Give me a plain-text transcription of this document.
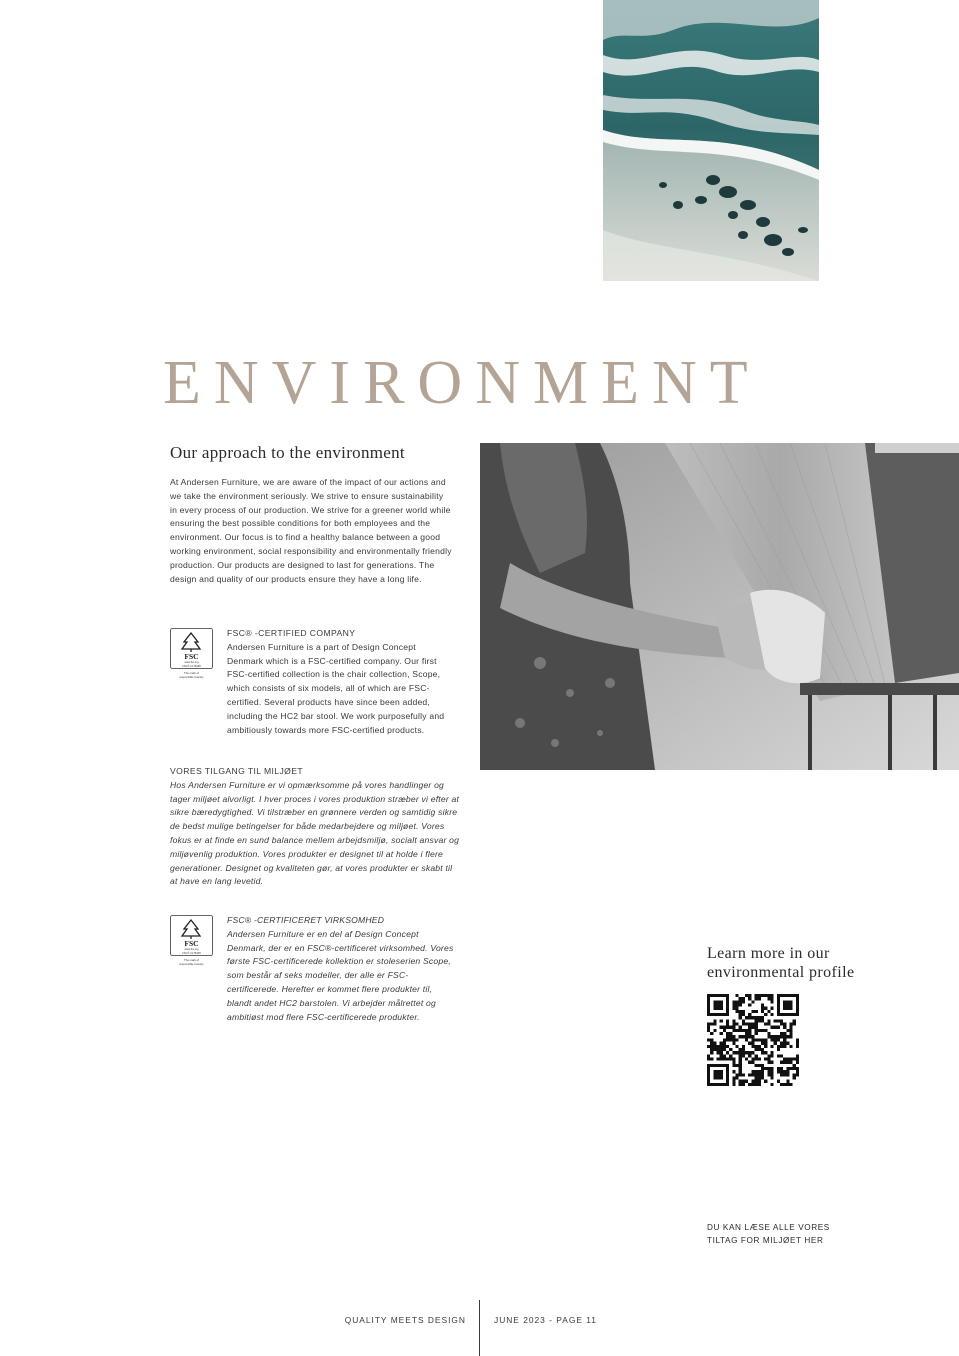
ENVIRONMENT
Our approach to the environment
At Andersen Furniture, we are aware of the impact of our actions and we take the environment seriously. We strive to ensure sustainability in every process of our production. We strive for a greener world while ensuring the best possible conditions for both employees and the environment. Our focus is to find a healthy balance between a good working environment, social responsibility and environmentally friendly production. Our products are designed to last for generations. The design and quality of our products ensure they have a long life.
FSC
www.fsc.org
FSC® C178108
The mark of
responsible forestry
FSC® -CERTIFIED COMPANY
Andersen Furniture is a part of Design Concept Denmark which is a FSC-certified company. Our first FSC-certified collection is the chair collection, Scope, which consists of six models, all of which are FSC-certified. Several products have since been added, including the HC2 bar stool. We work purposefully and ambitiously towards more FSC-certified products.
VORES TILGANG TIL MILJØET
Hos Andersen Furniture er vi opmærksomme på vores handlinger og tager miljøet alvorligt. I hver proces i vores produktion stræber vi efter at sikre bæredygtighed. Vi tilstræber en grønnere verden og samtidig sikre de bedst mulige betingelser for både medarbejdere og miljøet. Vores fokus er at finde en sund balance mellem arbejdsmiljø, socialt ansvar og miljøvenlig produktion. Vores produkter er designet til at holde i flere generationer. Designet og kvaliteten gør, at vores produkter er skabt til at have en lang levetid.
FSC
www.fsc.org
FSC® C178108
The mark of
responsible forestry
FSC® -CERTIFICERET VIRKSOMHED
Andersen Furniture er en del af Design Concept Denmark, der er en FSC®-certificeret virksomhed. Vores første FSC-certificerede kollektion er stoleserien Scope, som består af seks modeller, der alle er FSC-certificerede. Herefter er kommet flere produkter til, blandt andet HC2 barstolen. Vi arbejder målrettet og ambitiøst mod flere FSC-certificerede produkter.
Learn more in our
environmental profile
DU KAN LÆSE ALLE VORES
TILTAG FOR MILJØET HER
QUALITY MEETS DESIGN	JUNE 2023 - PAGE 11
